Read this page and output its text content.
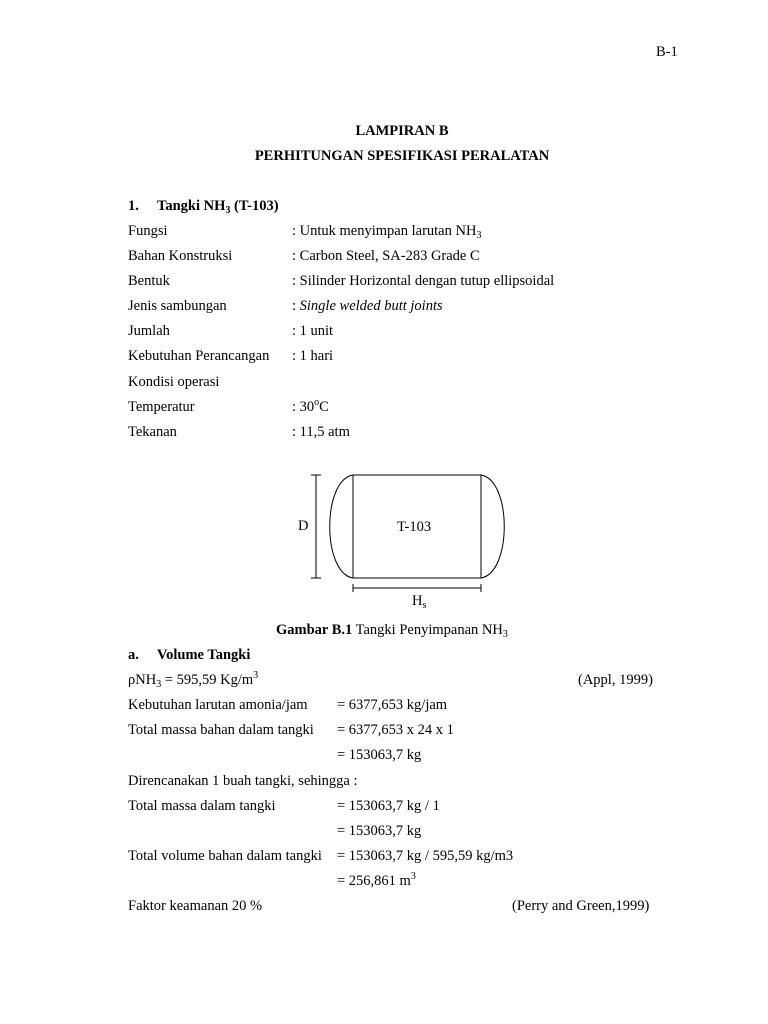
B-1
LAMPIRAN B
PERHITUNGAN SPESIFIKASI PERALATAN
1. Tangki $NH_3$ (T-103)
Fungsi	: Untuk menyimpan larutan $NH_3$
Bahan Konstruksi	: Carbon Steel, SA-283 Grade C
Bentuk	: Silinder Horizontal dengan tutup ellipsoidal
Jenis sambungan	: Single welded butt joints
Jumlah	: 1 unit
Kebutuhan Perancangan : 1 hari
Kondisi operasi
Temperatur	: 30$^o$C
Tekanan	: 11,5 atm
D	T-103
$H_s$
Gambar B.1 Tangki Penyimpanan $NH_3$
a. Volume Tangki
ρNH$_3$ = 595,59 $Kg/m^3$	(Appl, 1999)
Kebutuhan larutan amonia/jam = 6377,653 kg/jam
Total massa bahan dalam tangki = 6377,653 x 24 x 1
= 153063,7 kg
Direncanakan 1 buah tangki, sehingga :
Total massa dalam tangki	= 153063,7 kg / 1
= 153063,7 kg
Total volume bahan dalam tangki = 153063,7 kg / 595,59 kg/m3
= 256,861 $m^3$
Faktor keamanan 20 %	(Perry and Green,1999)
